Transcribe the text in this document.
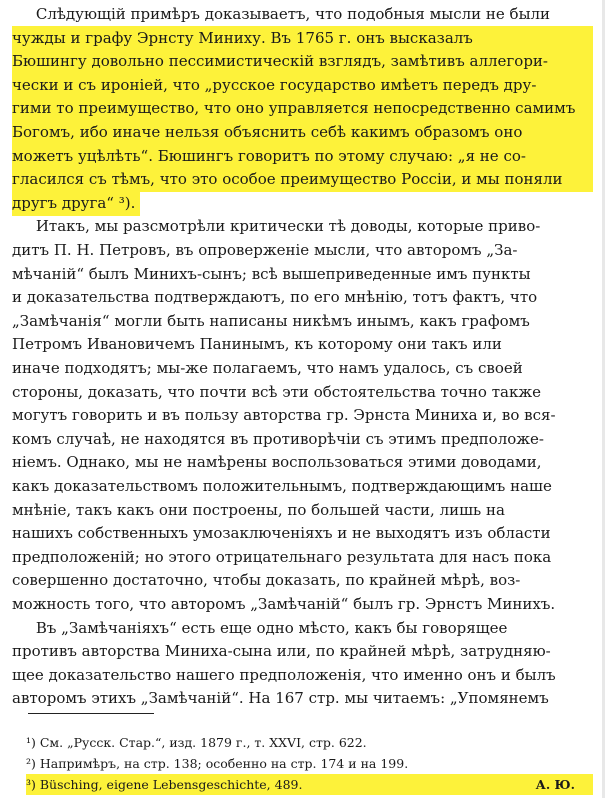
Слѣдующій примѣръ доказываетъ, что подобныя мысли не были
чужды и графу Эрнсту Миниху. Въ 1765 г. онъ высказалъ
Бюшингу довольно пессимистическій взглядъ, замѣтивъ аллегори-
чески и съ ироніей, что „русское государство имѣетъ передъ дру-
гими то преимущество, что оно управляется непосредственно самимъ
Богомъ, ибо иначе нельзя объяснить себѣ какимъ образомъ оно
можетъ уцѣлѣть“. Бюшингъ говоритъ по этому случаю: „я не со-
гласился съ тѣмъ, что это особое преимущество Россіи, и мы поняли
другъ друга“ ³).
Итакъ, мы разсмотрѣли критически тѣ доводы, которые приво-
дитъ П. Н. Петровъ, въ опроверженіе мысли, что авторомъ „За-
мѣчаній“ былъ Минихъ-сынъ; всѣ вышеприведенные имъ пункты
и доказательства подтверждаютъ, по его мнѣнію, тотъ фактъ, что
„Замѣчанія“ могли быть написаны никѣмъ инымъ, какъ графомъ
Петромъ Ивановичемъ Панинымъ, къ которому они такъ или
иначе подходятъ; мы-же полагаемъ, что намъ удалось, съ своей
стороны, доказать, что почти всѣ эти обстоятельства точно также
могутъ говорить и въ пользу авторства гр. Эрнста Миниха и, во вся-
комъ случаѣ, не находятся въ противорѣчіи съ этимъ предположе-
ніемъ. Однако, мы не намѣрены воспользоваться этими доводами,
какъ доказательствомъ положительнымъ, подтверждающимъ наше
мнѣніе, такъ какъ они построены, по большей части, лишь на
нашихъ собственныхъ умозаключеніяхъ и не выходятъ изъ области
предположеній; но этого отрицательнаго результата для насъ пока
совершенно достаточно, чтобы доказать, по крайней мѣрѣ, воз-
можность того, что авторомъ „Замѣчаній“ былъ гр. Эрнстъ Минихъ.
Въ „Замѣчаніяхъ“ есть еще одно мѣсто, какъ бы говорящее
противъ авторства Миниха-сына или, по крайней мѣрѣ, затрудняю-
щее доказательство нашего предположенія, что именно онъ и былъ
авторомъ этихъ „Замѣчаній“. На 167 стр. мы читаемъ: „Упомянемъ
¹) См. „Русск. Стар.“, изд. 1879 г., т. XXVI, стр. 622.
²) Напримѣръ, на стр. 138; особенно на стр. 174 и на 199.
³) Büsching, eigene Lebensgeschichte, 489.	А. Ю.
